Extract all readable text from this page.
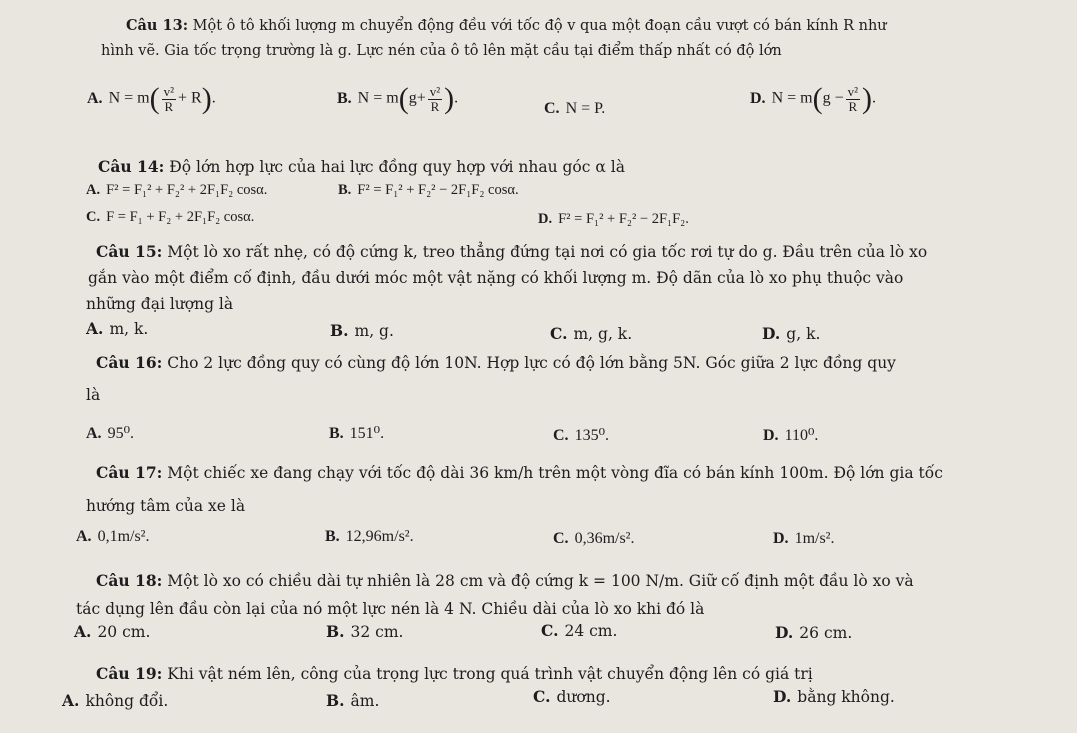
Câu 13: Một ô tô khối lượng m chuyển động đều với tốc độ v qua một đoạn cầu vượt có bán kính R như
hình vẽ. Gia tốc trọng trường là g. Lực nén của ô tô lên mặt cầu tại điểm thấp nhất có độ lớn
A. $N = m( \frac{\text{v²}}{R} + R)$.	B. $N = m(g+ \frac{\text{v²}}{R}$ ).
C. N = P.
D. $N = m(g - \frac{\text{v²}}{R}$ ).
Câu 14: Độ lớn hợp lực của hai lực đồng quy hợp với nhau góc α là
A. F² = F₁² + F₂² + 2F₁F₂ cosα.	B. F² = F₁² + F₂² − 2F₁F₂ cosα.
C. F = F₁ + F₂ + 2F₁F₂ cosα.	D. F² = F₁² + F₂² − 2F₁F₂.
Câu 15: Một lò xo rất nhẹ, có độ cứng k, treo thẳng đứng tại nơi có gia tốc rơi tự do g. Đầu trên của lò xo
gắn vào một điểm cố định, đầu dưới móc một vật nặng có khối lượng m. Độ dãn của lò xo phụ thuộc vào
những đại lượng là
A. m, k.	B. m, g.	C. m, g, k.	D. g, k.
Câu 16: Cho 2 lực đồng quy có cùng độ lớn 10N. Hợp lực có độ lớn bằng 5N. Góc giữa 2 lực đồng quy
là
A. 95⁰.	B. 151⁰.	C. 135⁰.	D. 110⁰.
Câu 17: Một chiếc xe đang chạy với tốc độ dài 36 km/h trên một vòng đĩa có bán kính 100m. Độ lớn gia tốc
hướng tâm của xe là
A. 0,1m/s².	B. 12,96m/s².	C. 0,36m/s².	D. 1m/s².
Câu 18: Một lò xo có chiều dài tự nhiên là 28 cm và độ cứng k = 100 N/m. Giữ cố định một đầu lò xo và
tác dụng lên đầu còn lại của nó một lực nén là 4 N. Chiều dài của lò xo khi đó là
A. 20 cm.	B. 32 cm.	C. 24 cm.	D. 26 cm.
Câu 19: Khi vật ném lên, công của trọng lực trong quá trình vật chuyển động lên có giá trị
A. không đổi.	B. âm.	C. dương.	D. bằng không.
